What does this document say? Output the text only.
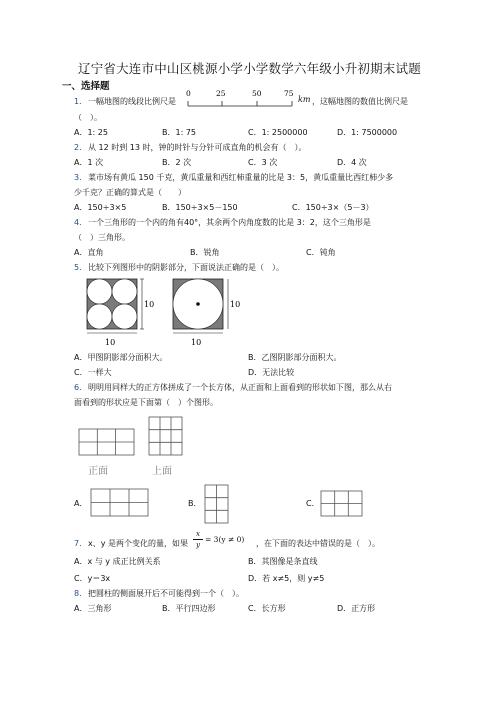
辽宁省大连市中山区桃源小学小学数学六年级小升初期末试题
一、选择题
1． 一幅地图的线段比例尺是
0	25	50	75
km ，这幅地图的数值比例尺是
（　）。
A．1: 25	B．1: 75	C．1: 2500000	D．1: 7500000
2． 从 12 时到 13 时，钟的时针与分针可成直角的机会有（　）。
A．1 次	B．2 次	C．3 次	D．4 次
3． 菜市场有黄瓜 150 千克，黄瓜重量和西红柿重量的比是 3：5，黄瓜重量比西红柿少多
少千克？正确的算式是（　　）
A．150÷3×5	B．150÷3×5－150	C．150÷3×（5－3）
4． 一个三角形的一个内的角有40°，其余两个内角度数的比是 3：2，这个三角形是
（　）三角形。
A．直角	B．锐角	C．钝角
5． 比较下列图形中的阴影部分，下面说法正确的是（　）。
10
10
10
10
A．甲图阴影部分面积大。	B．乙图阴影部分面积大。
C．一样大	D．无法比较
6． 明明用同样大的正方体拼成了一个长方体，从正面和上面看到的形状如下图，那么从右
面看到的形状应是下面第（　）个图形。
正面	上面
A．	B．	C．
7． x、y 是两个变化的量，如果
x
y
= 3(y ≠ 0) ，在下面的表达中错误的是（　）。
A．x 与 y 成正比例关系	B．其图像是条直线
C．y＝3x	D．若 x≠5，则 y≠5
8． 把圆柱的侧面展开后不可能得到一个（　）。
A．三角形	B．平行四边形	C．长方形	D．正方形
